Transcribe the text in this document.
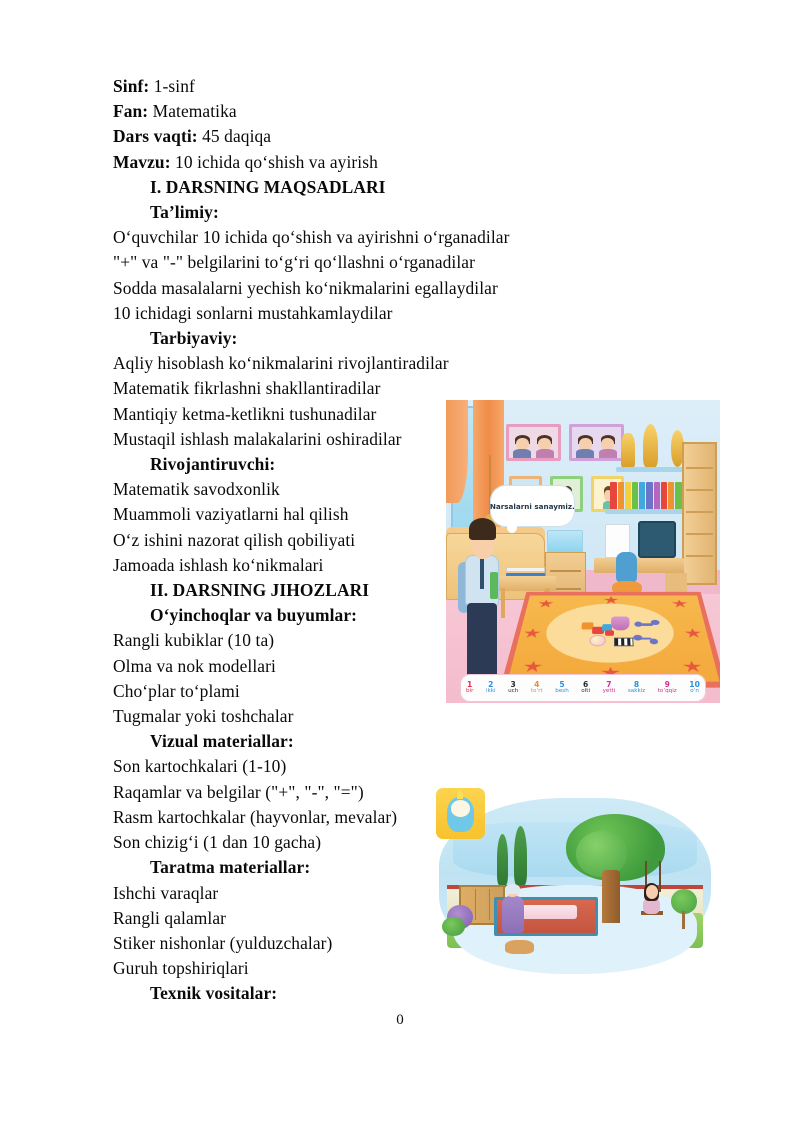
Sinf: 1-sinf
Fan: Matematika
Dars vaqti: 45 daqiqa
Mavzu: 10 ichida qo‘shish va ayirish
I. DARSNING MAQSADLARI
Ta’limiy:
O‘quvchilar 10 ichida qo‘shish va ayirishni o‘rganadilar
"+" va "-" belgilarini to‘g‘ri qo‘llashni o‘rganadilar
Sodda masalalarni yechish ko‘nikmalarini egallaydilar
10 ichidagi sonlarni mustahkamlaydilar
Tarbiyaviy:
Aqliy hisoblash ko‘nikmalarini rivojlantiradilar
Matematik fikrlashni shakllantiradilar
Mantiqiy ketma-ketlikni tushunadilar
Mustaqil ishlash malakalarini oshiradilar
Rivojantiruvchi:
Matematik savodxonlik
Muammoli vaziyatlarni hal qilish
O‘z ishini nazorat qilish qobiliyati
Jamoada ishlash ko‘nikmalari
II. DARSNING JIHOZLARI
O‘yinchoqlar va buyumlar:
Rangli kubiklar (10 ta)
Olma va nok modellari
Cho‘plar to‘plami
Tugmalar yoki toshchalar
Vizual materiallar:
Son kartochkalari (1-10)
Raqamlar va belgilar ("+", "-", "=")
Rasm kartochkalar (hayvonlar, mevalar)
Son chizig‘i (1 dan 10 gacha)
Taratma materiallar:
Ishchi varaqlar
Rangli qalamlar
Stiker nishonlar (yulduzchalar)
Guruh topshiriqlari
Texnik vositalar:
Narsalarni sanaymiz.
1
bir
2
ikki
3
uch
4
to‘rt
5
besh
6
olti
7
yetti
8
sakkiz
9
to‘qqiz
10
o‘n
0
